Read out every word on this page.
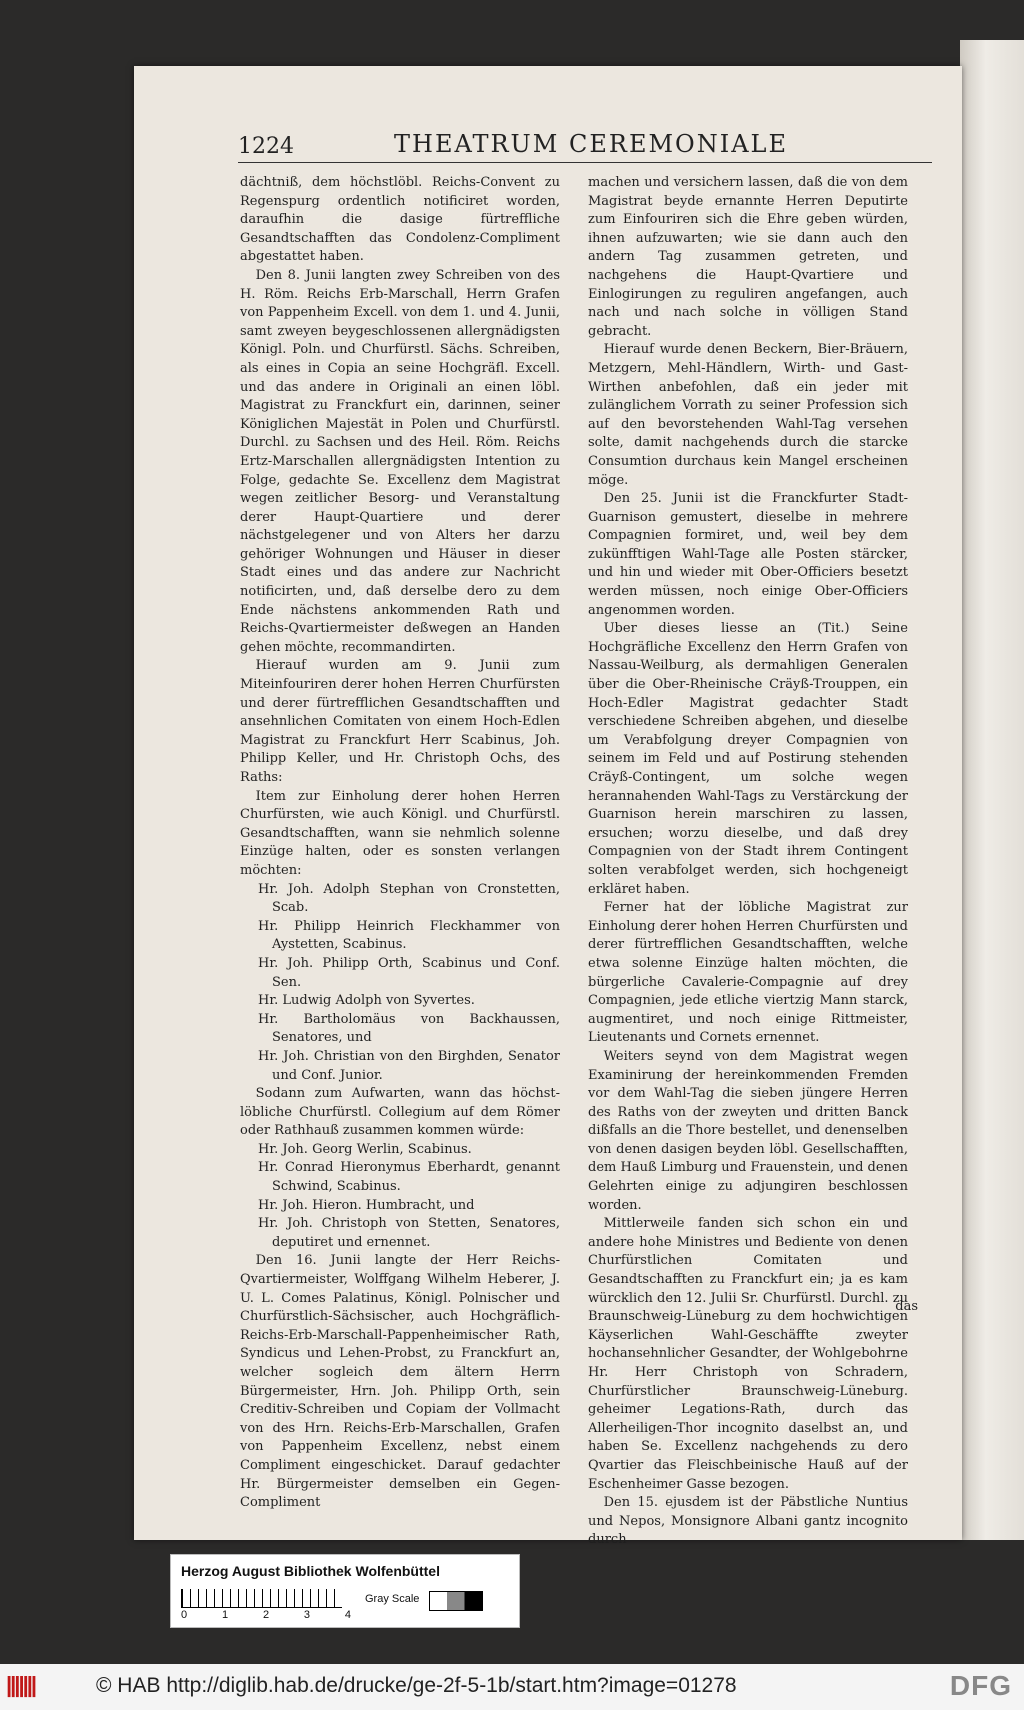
1224	THEATRUM CEREMONIALE

dächtniß, dem höchstlöbl. Reichs-Convent zu Regenspurg ordentlich notificiret worden, daraufhin die dasige fürtreffliche Gesandtschafften das Condolenz-Compliment abgestattet haben.

Den 8. Junii langten zwey Schreiben von des H. Röm. Reichs Erb-Marschall, Herrn Grafen von Pappenheim Excell. von dem 1. und 4. Junii, samt zweyen beygeschlossenen allergnädigsten Königl. Poln. und Churfürstl. Sächs. Schreiben, als eines in Copia an seine Hochgräfl. Excell. und das andere in Originali an einen löbl. Magistrat zu Franckfurt ein, darinnen, seiner Königlichen Majestät in Polen und Churfürstl. Durchl. zu Sachsen und des Heil. Röm. Reichs Ertz-Marschallen allergnädigsten Intention zu Folge, gedachte Se. Excellenz dem Magistrat wegen zeitlicher Besorg- und Veranstaltung derer Haupt-Quartiere und derer nächstgelegener und von Alters her darzu gehöriger Wohnungen und Häuser in dieser Stadt eines und das andere zur Nachricht notificirten, und, daß derselbe dero zu dem Ende nächstens ankommenden Rath und Reichs-Qvartiermeister deßwegen an Handen gehen möchte, recommandirten.

Hierauf wurden am 9. Junii zum Miteinfouriren derer hohen Herren Churfürsten und derer fürtrefflichen Gesandtschafften und ansehnlichen Comitaten von einem Hoch-Edlen Magistrat zu Franckfurt Herr Scabinus, Joh. Philipp Keller, und Hr. Christoph Ochs, des Raths:

Item zur Einholung derer hohen Herren Churfürsten, wie auch Königl. und Churfürstl. Gesandtschafften, wann sie nehmlich solenne Einzüge halten, oder es sonsten verlangen möchten:

Hr. Joh. Adolph Stephan von Cronstetten, Scab.
Hr. Philipp Heinrich Fleckhammer von Aystetten, Scabinus.
Hr. Joh. Philipp Orth, Scabinus und Conf. Sen.
Hr. Ludwig Adolph von Syvertes.
Hr. Bartholomäus von Backhaussen, Senatores, und
Hr. Joh. Christian von den Birghden, Senator und Conf. Junior.

Sodann zum Aufwarten, wann das höchst-löbliche Churfürstl. Collegium auf dem Römer oder Rathhauß zusammen kommen würde:

Hr. Joh. Georg Werlin, Scabinus.
Hr. Conrad Hieronymus Eberhardt, genannt Schwind, Scabinus.
Hr. Joh. Hieron. Humbracht, und
Hr. Joh. Christoph von Stetten, Senatores, deputiret und ernennet.

Den 16. Junii langte der Herr Reichs-Qvartiermeister, Wolffgang Wilhelm Heberer, J. U. L. Comes Palatinus, Königl. Polnischer und Churfürstlich-Sächsischer, auch Hochgräflich-Reichs-Erb-Marschall-Pappenheimischer Rath, Syndicus und Lehen-Probst, zu Franckfurt an, welcher sogleich dem ältern Herrn Bürgermeister, Hrn. Joh. Philipp Orth, sein Creditiv-Schreiben und Copiam der Vollmacht von des Hrn. Reichs-Erb-Marschallen, Grafen von Pappenheim Excellenz, nebst einem Compliment eingeschicket. Darauf gedachter Hr. Bürgermeister demselben ein Gegen-Compliment

machen und versichern lassen, daß die von dem Magistrat beyde ernannte Herren Deputirte zum Einfouriren sich die Ehre geben würden, ihnen aufzuwarten; wie sie dann auch den andern Tag zusammen getreten, und nachgehens die Haupt-Qvartiere und Einlogirungen zu reguliren angefangen, auch nach und nach solche in völligen Stand gebracht.

Hierauf wurde denen Beckern, Bier-Bräuern, Metzgern, Mehl-Händlern, Wirth- und Gast-Wirthen anbefohlen, daß ein jeder mit zulänglichem Vorrath zu seiner Profession sich auf den bevorstehenden Wahl-Tag versehen solte, damit nachgehends durch die starcke Consumtion durchaus kein Mangel erscheinen möge.

Den 25. Junii ist die Franckfurter Stadt-Guarnison gemustert, dieselbe in mehrere Compagnien formiret, und, weil bey dem zukünfftigen Wahl-Tage alle Posten stärcker, und hin und wieder mit Ober-Officiers besetzt werden müssen, noch einige Ober-Officiers angenommen worden.

Uber dieses liesse an (Tit.) Seine Hochgräfliche Excellenz den Herrn Grafen von Nassau-Weilburg, als dermahligen Generalen über die Ober-Rheinische Cräyß-Trouppen, ein Hoch-Edler Magistrat gedachter Stadt verschiedene Schreiben abgehen, und dieselbe um Verabfolgung dreyer Compagnien von seinem im Feld und auf Postirung stehenden Cräyß-Contingent, um solche wegen herannahenden Wahl-Tags zu Verstärckung der Guarnison herein marschiren zu lassen, ersuchen; worzu dieselbe, und daß drey Compagnien von der Stadt ihrem Contingent solten verabfolget werden, sich hochgeneigt erkläret haben.

Ferner hat der löbliche Magistrat zur Einholung derer hohen Herren Churfürsten und derer fürtrefflichen Gesandtschafften, welche etwa solenne Einzüge halten möchten, die bürgerliche Cavalerie-Compagnie auf drey Compagnien, jede etliche viertzig Mann starck, augmentiret, und noch einige Rittmeister, Lieutenants und Cornets ernennet.

Weiters seynd von dem Magistrat wegen Examinirung der hereinkommenden Fremden vor dem Wahl-Tag die sieben jüngere Herren des Raths von der zweyten und dritten Banck dißfalls an die Thore bestellet, und denenselben von denen dasigen beyden löbl. Gesellschafften, dem Hauß Limburg und Frauenstein, und denen Gelehrten einige zu adjungiren beschlossen worden.

Mittlerweile fanden sich schon ein und andere hohe Ministres und Bediente von denen Churfürstlichen Comitaten und Gesandtschafften zu Franckfurt ein; ja es kam würcklich den 12. Julii Sr. Churfürstl. Durchl. zu Braunschweig-Lüneburg zu dem hochwichtigen Käyserlichen Wahl-Geschäffte zweyter hochansehnlicher Gesandter, der Wohlgebohrne Hr. Herr Christoph von Schradern, Churfürstlicher Braunschweig-Lüneburg. geheimer Legations-Rath, durch das Allerheiligen-Thor incognito daselbst an, und haben Se. Excellenz nachgehends zu dero Qvartier das Fleischbeinische Hauß auf der Eschenheimer Gasse bezogen.

Den 15. ejusdem ist der Päbstliche Nuntius und Nepos, Monsignore Albani gantz incognito durch

das
Herzog August Bibliothek Wolfenbüttel
0	1	2	3	4
Gray Scale
|||||||	© HAB http://diglib.hab.de/drucke/ge-2f-5-1b/start.htm?image=01278	DFG
